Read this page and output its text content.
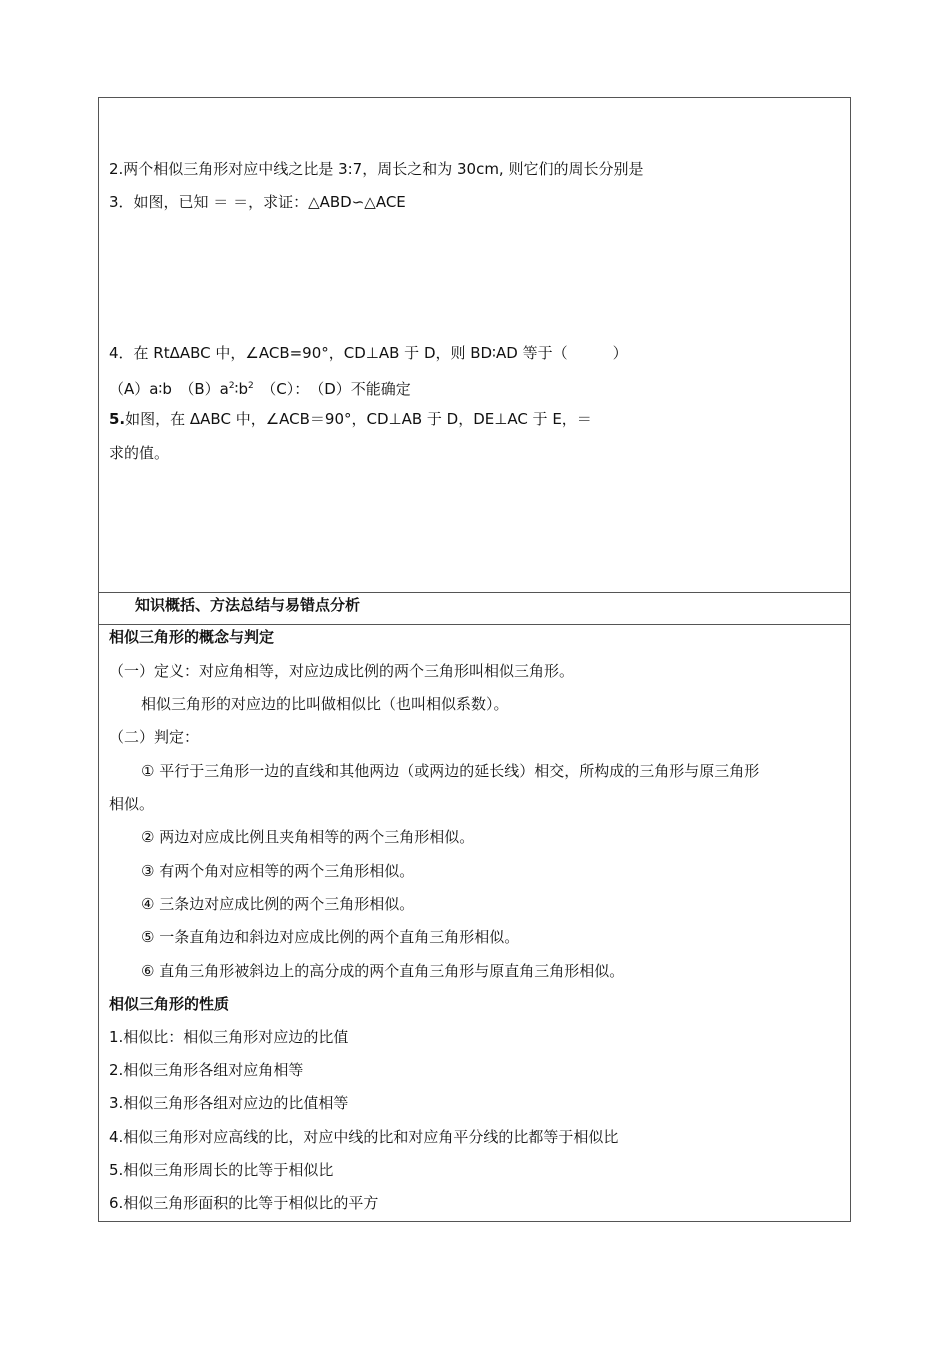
2.两个相似三角形对应中线之比是 3:7，周长之和为 30cm, 则它们的周长分别是
3．如图，已知 ＝ ＝，求证：△ABD∽△ACE
4．在 RtΔABC 中，∠ACB=90°，CD⊥AB 于 D，则 BD∶AD 等于（　　　）
（A）a∶b　$(B)a^2∶b^2$　（C）：　（D）不能确定
5.如图，在 ΔABC 中，∠ACB＝90°，CD⊥AB 于 D，DE⊥AC 于 E，＝
求的值。
知识概括、方法总结与易错点分析
相似三角形的概念与判定
（一）定义：对应角相等，对应边成比例的两个三角形叫相似三角形。
相似三角形的对应边的比叫做相似比（也叫相似系数）。
（二）判定：
① 平行于三角形一边的直线和其他两边（或两边的延长线）相交，所构成的三角形与原三角形
相似。
② 两边对应成比例且夹角相等的两个三角形相似。
③ 有两个角对应相等的两个三角形相似。
④ 三条边对应成比例的两个三角形相似。
⑤ 一条直角边和斜边对应成比例的两个直角三角形相似。
⑥ 直角三角形被斜边上的高分成的两个直角三角形与原直角三角形相似。
相似三角形的性质
1.相似比：相似三角形对应边的比值
2.相似三角形各组对应角相等
3.相似三角形各组对应边的比值相等
4.相似三角形对应高线的比，对应中线的比和对应角平分线的比都等于相似比
5.相似三角形周长的比等于相似比
6.相似三角形面积的比等于相似比的平方
